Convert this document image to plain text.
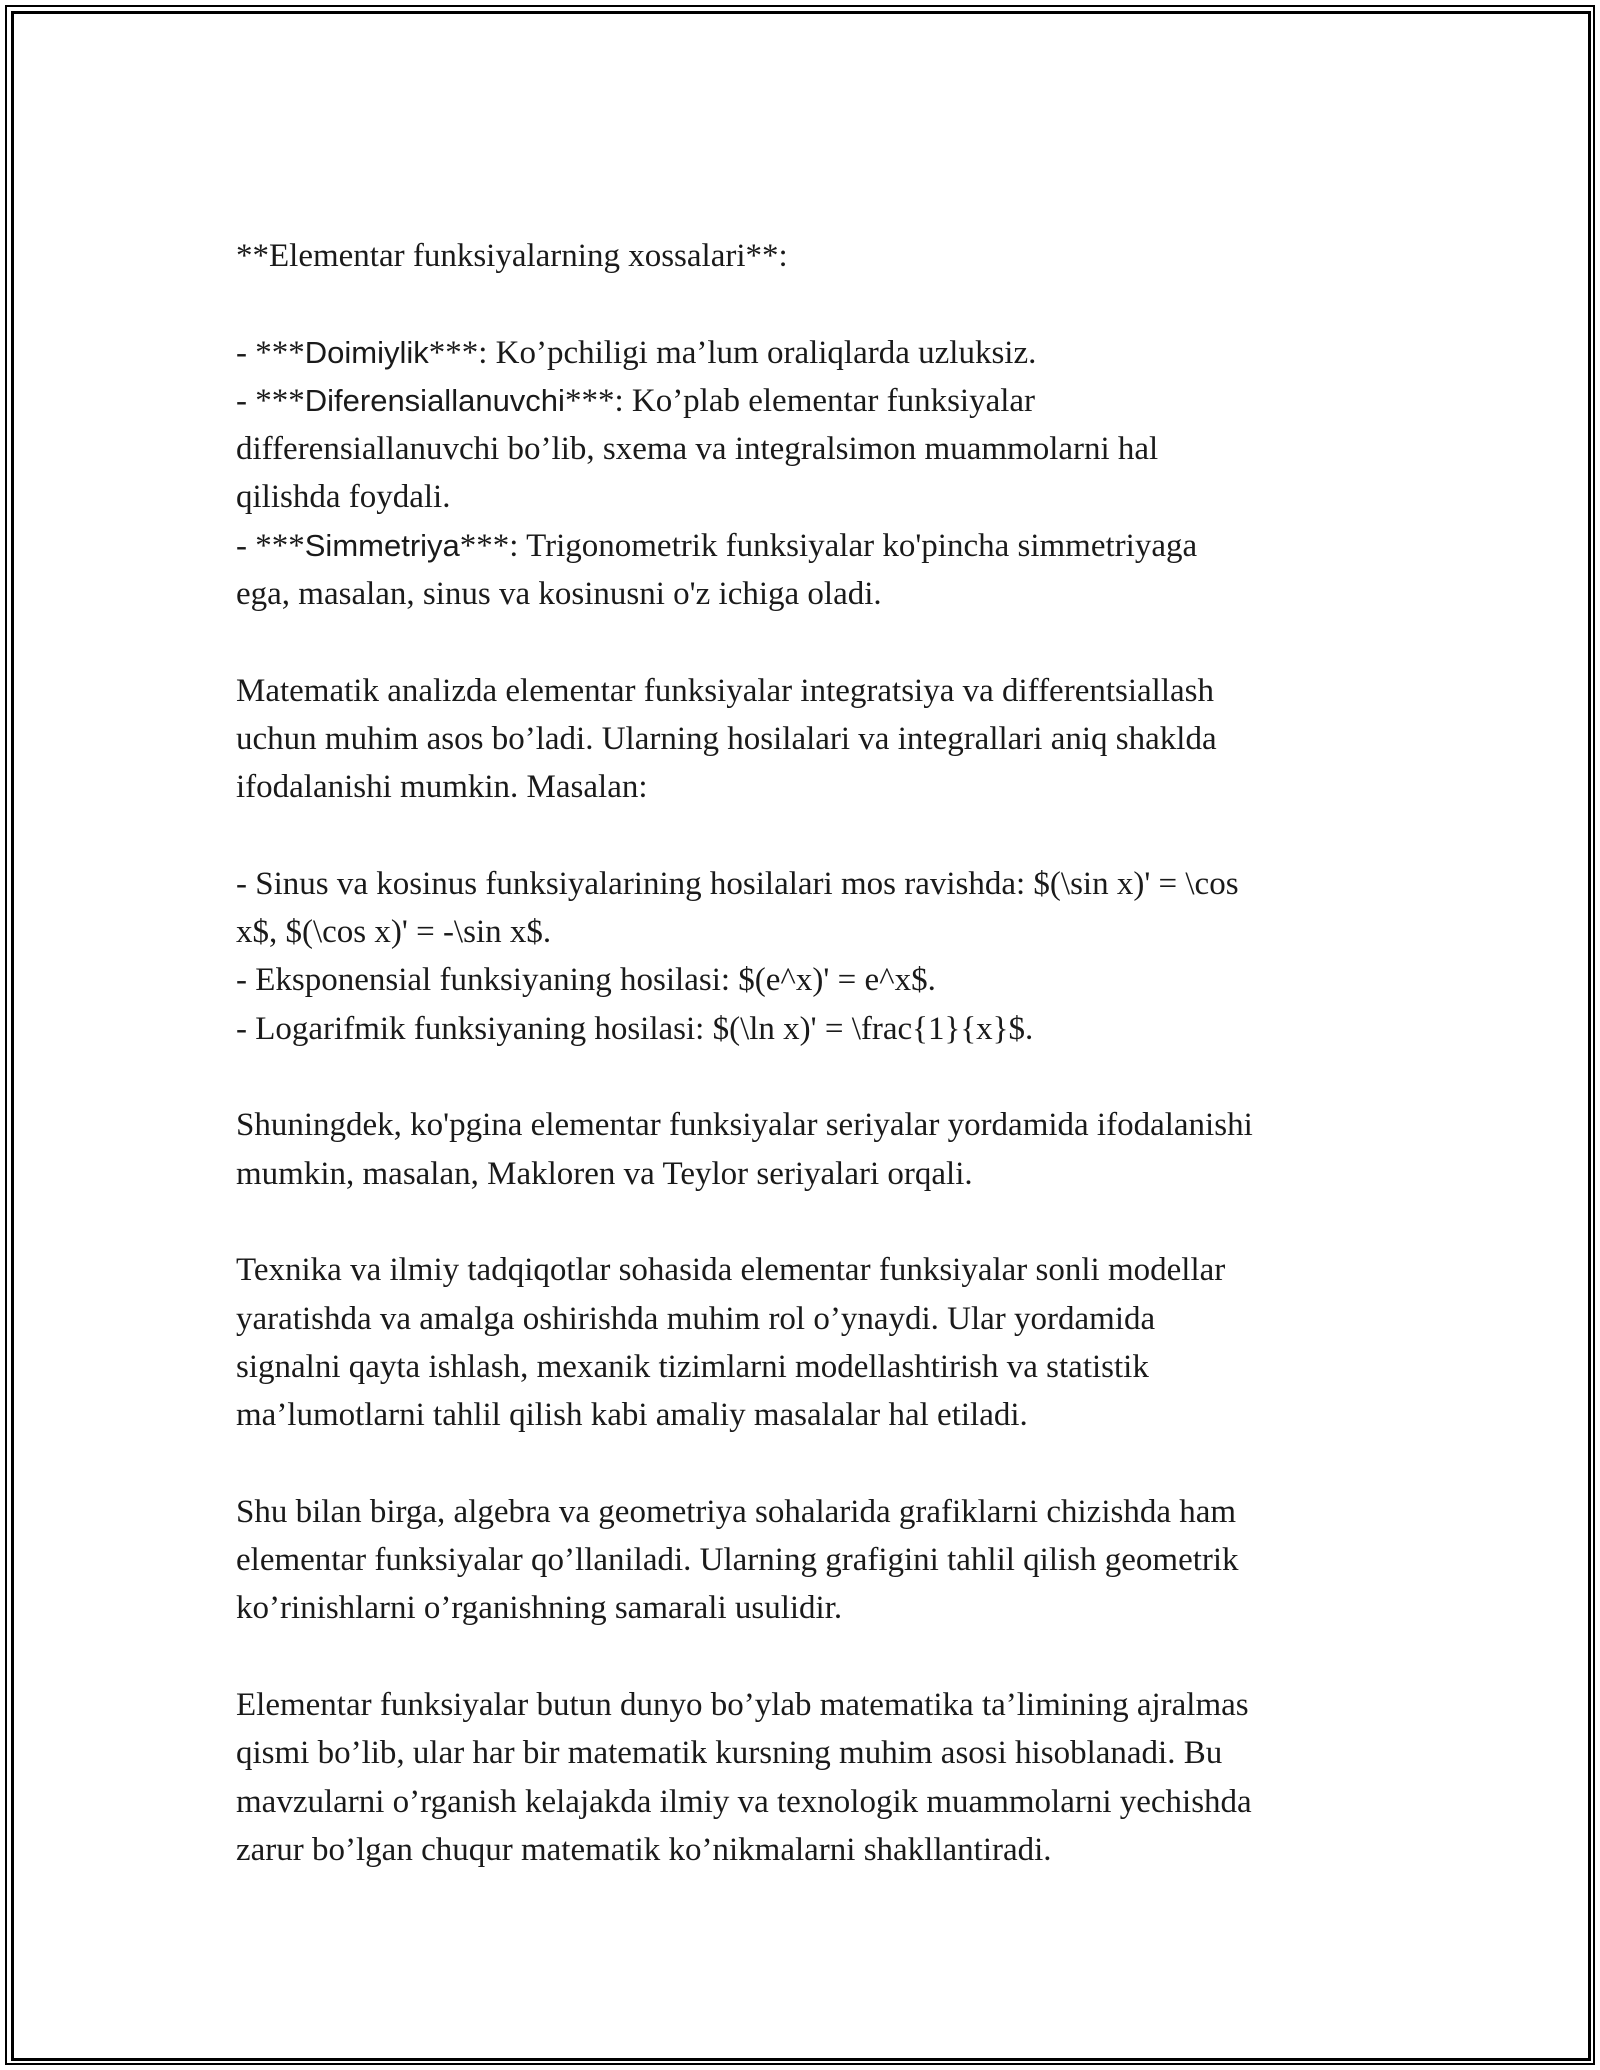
**Elementar funksiyalarning xossalari**:
- ***Doimiylik***: Ko’pchiligi ma’lum oraliqlarda uzluksiz.
- ***Diferensiallanuvchi***: Ko’plab elementar funksiyalar
differensiallanuvchi bo’lib, sxema va integralsimon muammolarni hal
qilishda foydali.
- ***Simmetriya***: Trigonometrik funksiyalar ko'pincha simmetriyaga
ega, masalan, sinus va kosinusni o'z ichiga oladi.
Matematik analizda elementar funksiyalar integratsiya va differentsiallash
uchun muhim asos bo’ladi. Ularning hosilalari va integrallari aniq shaklda
ifodalanishi mumkin. Masalan:
- Sinus va kosinus funksiyalarining hosilalari mos ravishda: $(\sin x)' = \cos
x$, $(\cos x)' = -\sin x$.
- Eksponensial funksiyaning hosilasi: $(e^x)' = e^x$.
- Logarifmik funksiyaning hosilasi: $(\ln x)' = \frac{1}{x}$.
Shuningdek, ko'pgina elementar funksiyalar seriyalar yordamida ifodalanishi
mumkin, masalan, Makloren va Teylor seriyalari orqali.
Texnika va ilmiy tadqiqotlar sohasida elementar funksiyalar sonli modellar
yaratishda va amalga oshirishda muhim rol o’ynaydi. Ular yordamida
signalni qayta ishlash, mexanik tizimlarni modellashtirish va statistik
ma’lumotlarni tahlil qilish kabi amaliy masalalar hal etiladi.
Shu bilan birga, algebra va geometriya sohalarida grafiklarni chizishda ham
elementar funksiyalar qo’llaniladi. Ularning grafigini tahlil qilish geometrik
ko’rinishlarni o’rganishning samarali usulidir.
Elementar funksiyalar butun dunyo bo’ylab matematika ta’limining ajralmas
qismi bo’lib, ular har bir matematik kursning muhim asosi hisoblanadi. Bu
mavzularni o’rganish kelajakda ilmiy va texnologik muammolarni yechishda
zarur bo’lgan chuqur matematik ko’nikmalarni shakllantiradi.
